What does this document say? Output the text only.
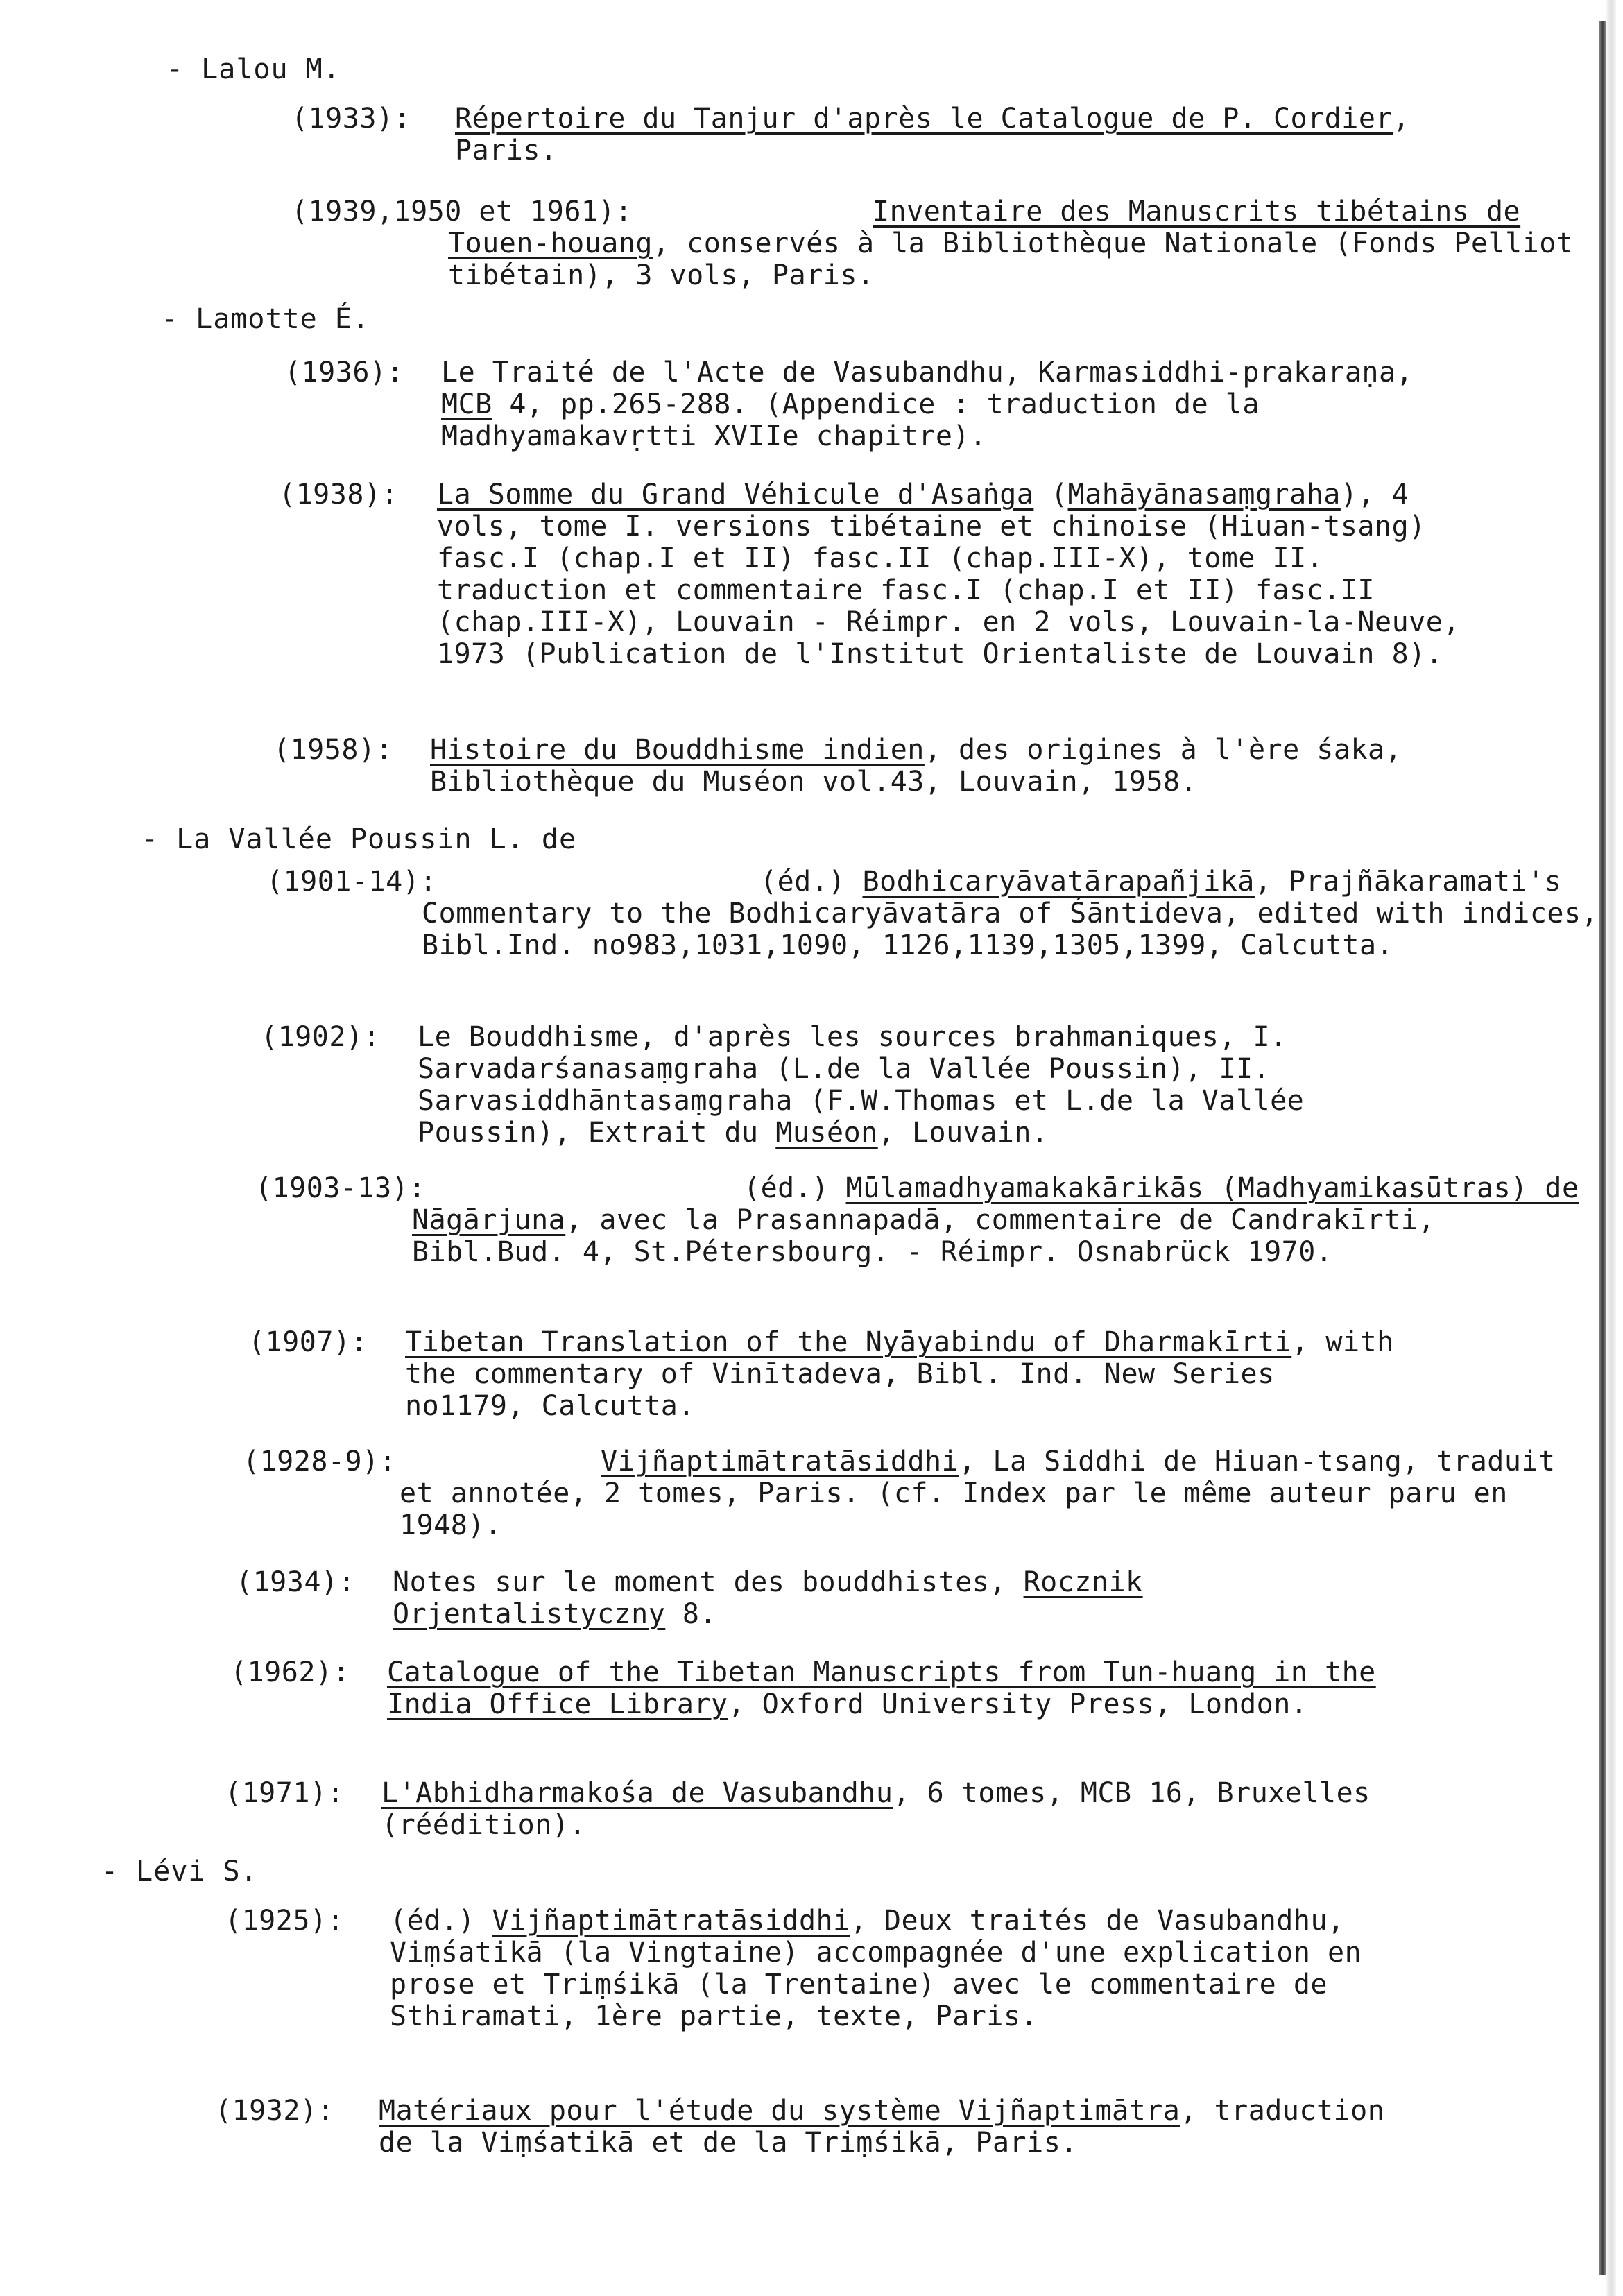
- Lalou M.
(1933): Répertoire du Tanjur d'après le Catalogue de P. Cordier, Paris.
(1939,1950 et 1961):	Inventaire des Manuscrits tibétains de Touen-houang, conservés à la Bibliothèque Nationale (Fonds Pelliot tibétain), 3 vols, Paris.
- Lamotte É.
(1936): Le Traité de l'Acte de Vasubandhu, Karmasiddhi-prakaraṇa, MCB 4, pp.265-288. (Appendice : traduction de la Madhyamakavṛtti XVIIe chapitre).
(1938): La Somme du Grand Véhicule d'Asaṅga (Mahāyānasaṃgraha), 4 vols, tome I. versions tibétaine et chinoise (Hiuan-tsang) fasc.I (chap.I et II) fasc.II (chap.III-X), tome II. traduction et commentaire fasc.I (chap.I et II) fasc.II (chap.III-X), Louvain - Réimpr. en 2 vols, Louvain-la-Neuve, 1973 (Publication de l'Institut Orientaliste de Louvain 8).
(1958): Histoire du Bouddhisme indien, des origines à l'ère śaka, Bibliothèque du Muséon vol.43, Louvain, 1958.
- La Vallée Poussin L. de
(1901-14):	(éd.) Bodhicaryāvatārapañjikā, Prajñākaramati's Commentary to the Bodhicaryāvatāra of Śāntideva, edited with indices, Bibl.Ind. no983,1031,1090, 1126,1139,1305,1399, Calcutta.
(1902): Le Bouddhisme, d'après les sources brahmaniques, I. Sarvadarśanasaṃgraha (L.de la Vallée Poussin), II. Sarvasiddhāntasaṃgraha (F.W.Thomas et L.de la Vallée Poussin), Extrait du Muséon, Louvain.
(1903-13):	(éd.) Mūlamadhyamakakārikās (Madhyamikasūtras) de Nāgārjuna, avec la Prasannapadā, commentaire de Candrakīrti, Bibl.Bud. 4, St.Pétersbourg. - Réimpr. Osnabrück 1970.
(1907): Tibetan Translation of the Nyāyabindu of Dharmakīrti, with the commentary of Vinītadeva, Bibl. Ind. New Series no1179, Calcutta.
(1928-9):	Vijñaptimātratāsiddhi, La Siddhi de Hiuan-tsang, traduit et annotée, 2 tomes, Paris. (cf. Index par le même auteur paru en 1948).
(1934): Notes sur le moment des bouddhistes, Rocznik Orjentalistyczny 8.
(1962): Catalogue of the Tibetan Manuscripts from Tun-huang in the India Office Library, Oxford University Press, London.
(1971): L'Abhidharmakośa de Vasubandhu, 6 tomes, MCB 16, Bruxelles (réédition).
- Lévi S.
(1925): (éd.) Vijñaptimātratāsiddhi, Deux traités de Vasubandhu, Viṃśatikā (la Vingtaine) accompagnée d'une explication en prose et Triṃśikā (la Trentaine) avec le commentaire de Sthiramati, 1ère partie, texte, Paris.
(1932): Matériaux pour l'étude du système Vijñaptimātra, traduction de la Viṃśatikā et de la Triṃśikā, Paris.
